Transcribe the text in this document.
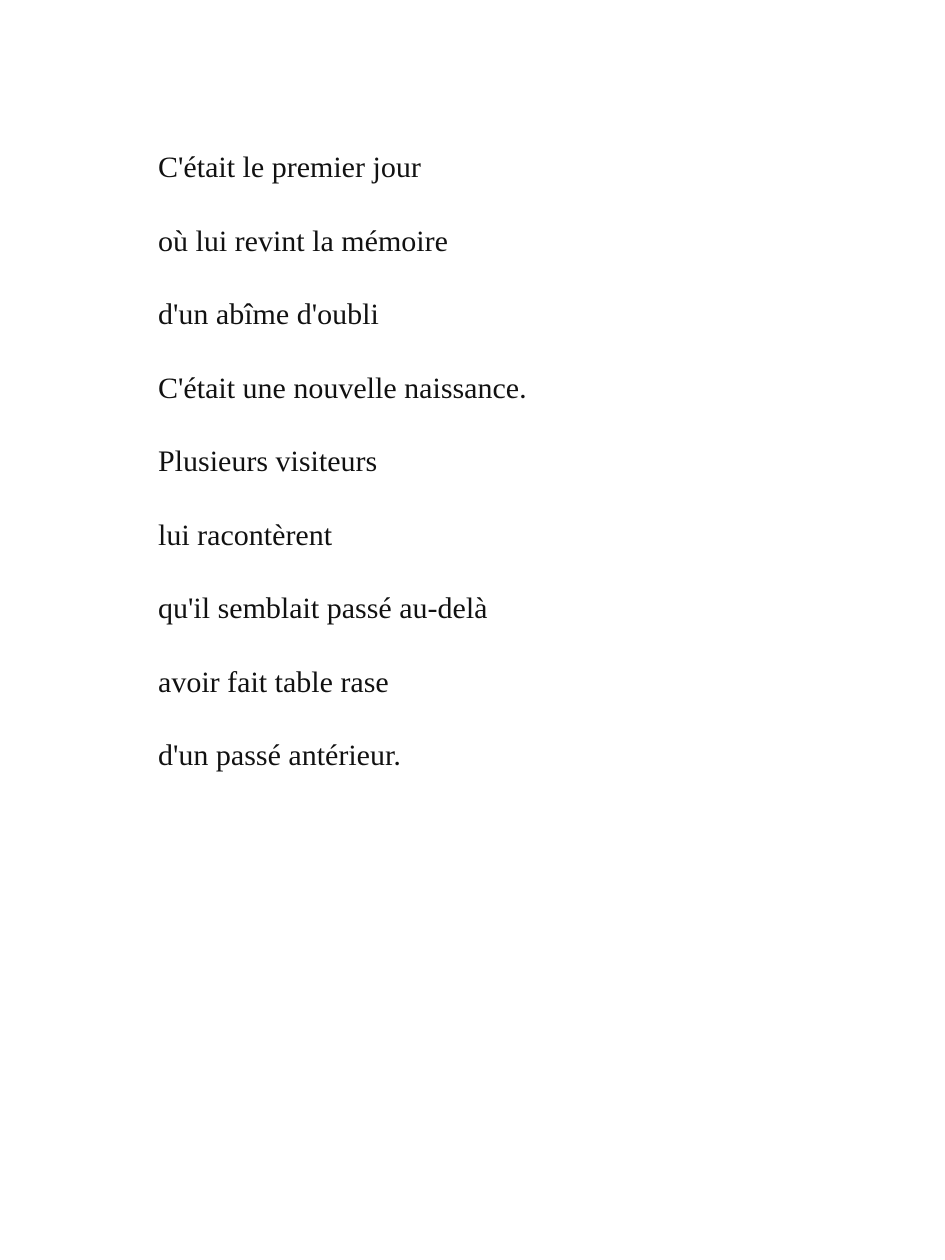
C'était le premier jour
où lui revint la mémoire
d'un abîme d'oubli
C'était une nouvelle naissance.
Plusieurs visiteurs
lui racontèrent
qu'il semblait passé au-delà
avoir fait table rase
d'un passé antérieur.
